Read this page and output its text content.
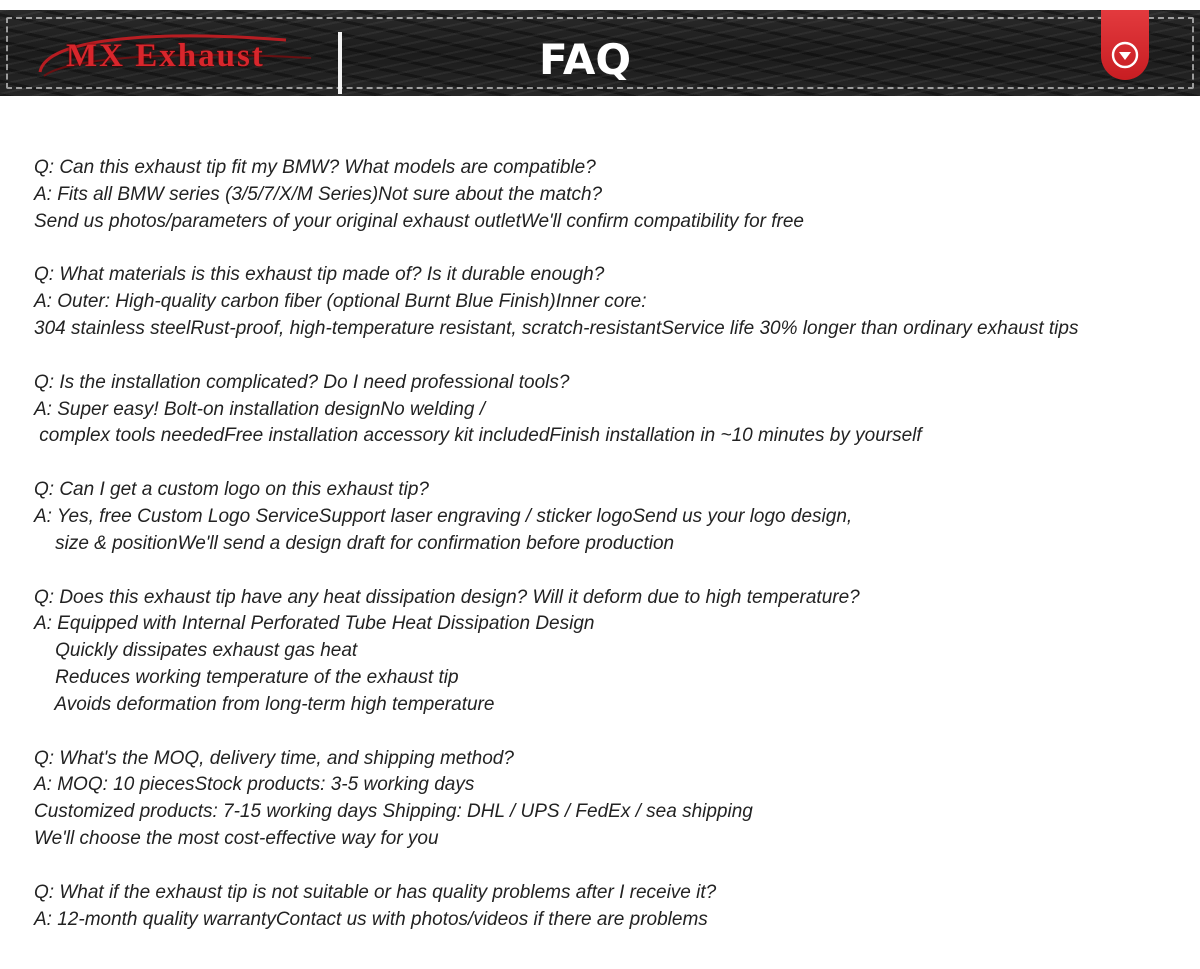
MX Exhaust	FAQ
Q: Can this exhaust tip fit my BMW? What models are compatible?
A: Fits all BMW series (3/5/7/X/M Series)Not sure about the match?
Send us photos/parameters of your original exhaust outletWe'll confirm compatibility for free
Q: What materials is this exhaust tip made of? Is it durable enough?
A: Outer: High-quality carbon fiber (optional Burnt Blue Finish)Inner core:
304 stainless steelRust-proof, high-temperature resistant, scratch-resistantService life 30% longer than ordinary exhaust tips
Q: Is the installation complicated? Do I need professional tools?
A: Super easy! Bolt-on installation designNo welding /
complex tools neededFree installation accessory kit includedFinish installation in ~10 minutes by yourself
Q: Can I get a custom logo on this exhaust tip?
A: Yes, free Custom Logo ServiceSupport laser engraving / sticker logoSend us your logo design,
size & positionWe'll send a design draft for confirmation before production
Q: Does this exhaust tip have any heat dissipation design? Will it deform due to high temperature?
A: Equipped with Internal Perforated Tube Heat Dissipation Design
Quickly dissipates exhaust gas heat
Reduces working temperature of the exhaust tip
Avoids deformation from long-term high temperature
Q: What's the MOQ, delivery time, and shipping method?
A: MOQ: 10 piecesStock products: 3-5 working days
Customized products: 7-15 working days Shipping: DHL / UPS / FedEx / sea shipping
We'll choose the most cost-effective way for you
Q: What if the exhaust tip is not suitable or has quality problems after I receive it?
A: 12-month quality warrantyContact us with photos/videos if there are problems
